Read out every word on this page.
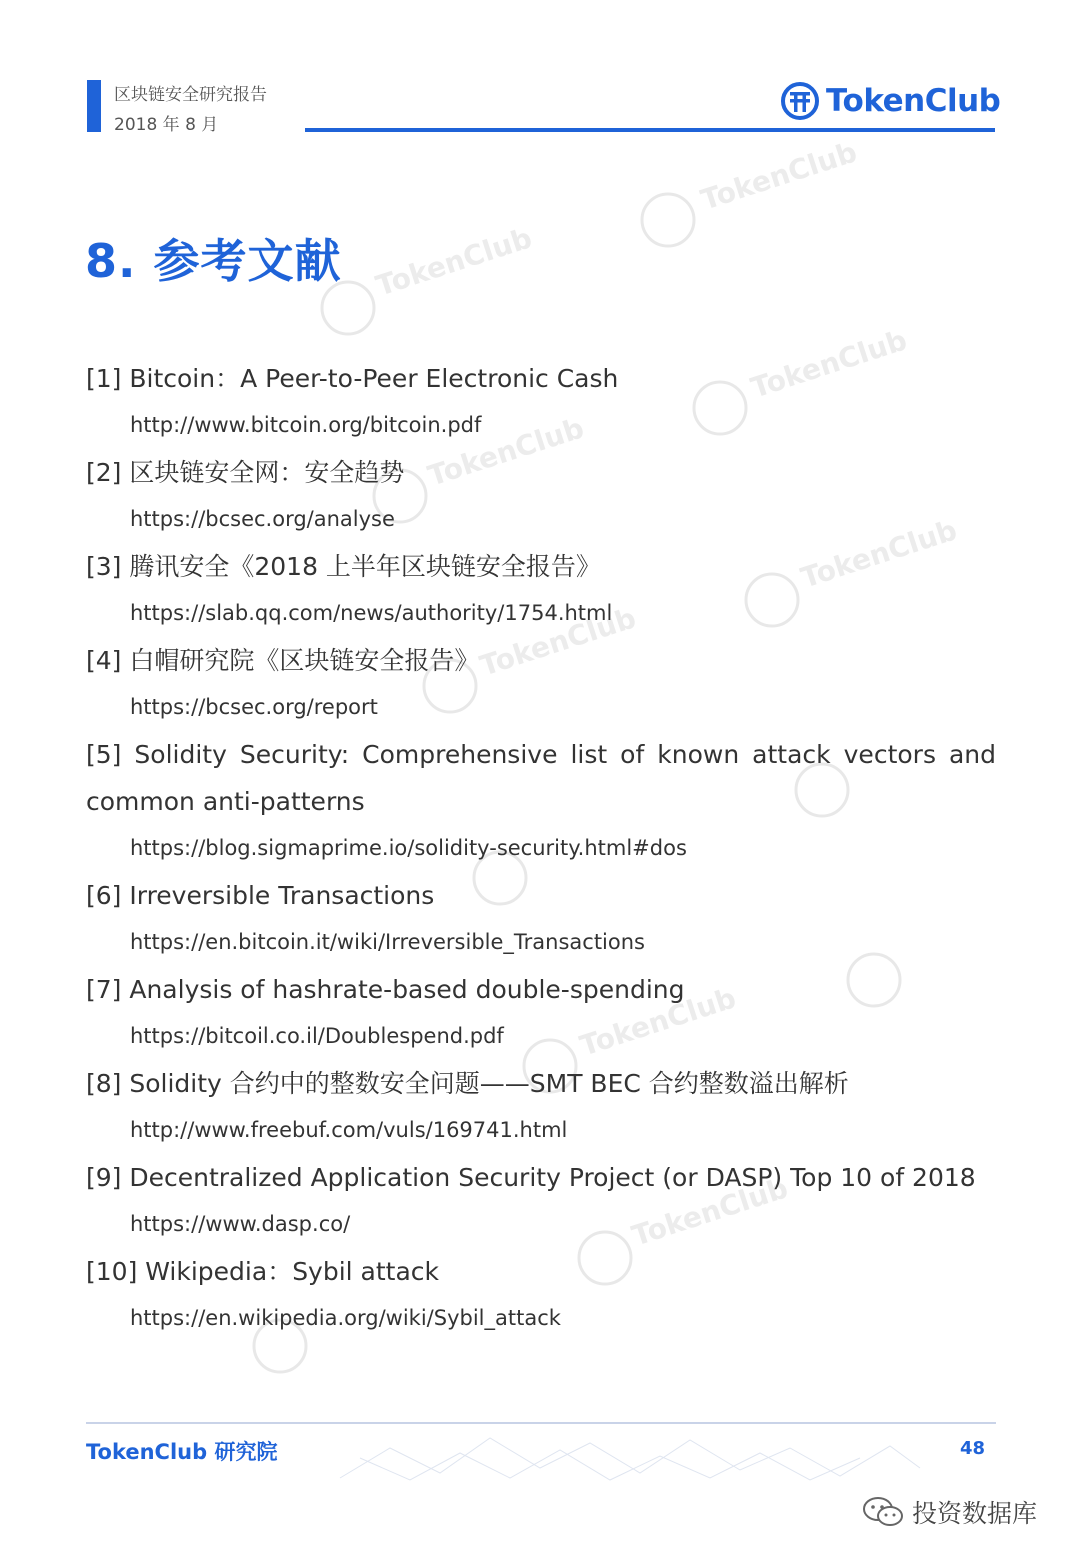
区块链安全研究报告
2018 年 8 月
TokenClub
TokenClub
TokenClub
TokenClub
TokenClub
TokenClub
TokenClub
TokenClub
TokenClub
8. 参考文献

[1] Bitcoin：A Peer-to-Peer Electronic Cash

http://www.bitcoin.org/bitcoin.pdf

[2] 区块链安全网：安全趋势

https://bcsec.org/analyse

[3] 腾讯安全《2018 上半年区块链安全报告》

https://slab.qq.com/news/authority/1754.html

[4] 白帽研究院《区块链安全报告》

https://bcsec.org/report

[5] Solidity Security: Comprehensive list of known attack vectors and common anti-patterns

https://blog.sigmaprime.io/solidity-security.html#dos

[6] Irreversible Transactions

https://en.bitcoin.it/wiki/Irreversible_Transactions

[7] Analysis of hashrate-based double-spending

https://bitcoil.co.il/Doublespend.pdf

[8] Solidity 合约中的整数安全问题——SMT BEC 合约整数溢出解析

http://www.freebuf.com/vuls/169741.html

[9] Decentralized Application Security Project (or DASP) Top 10 of 2018

https://www.dasp.co/

[10] Wikipedia：Sybil attack

https://en.wikipedia.org/wiki/Sybil_attack

TokenClub 研究院	48
投资数据库
